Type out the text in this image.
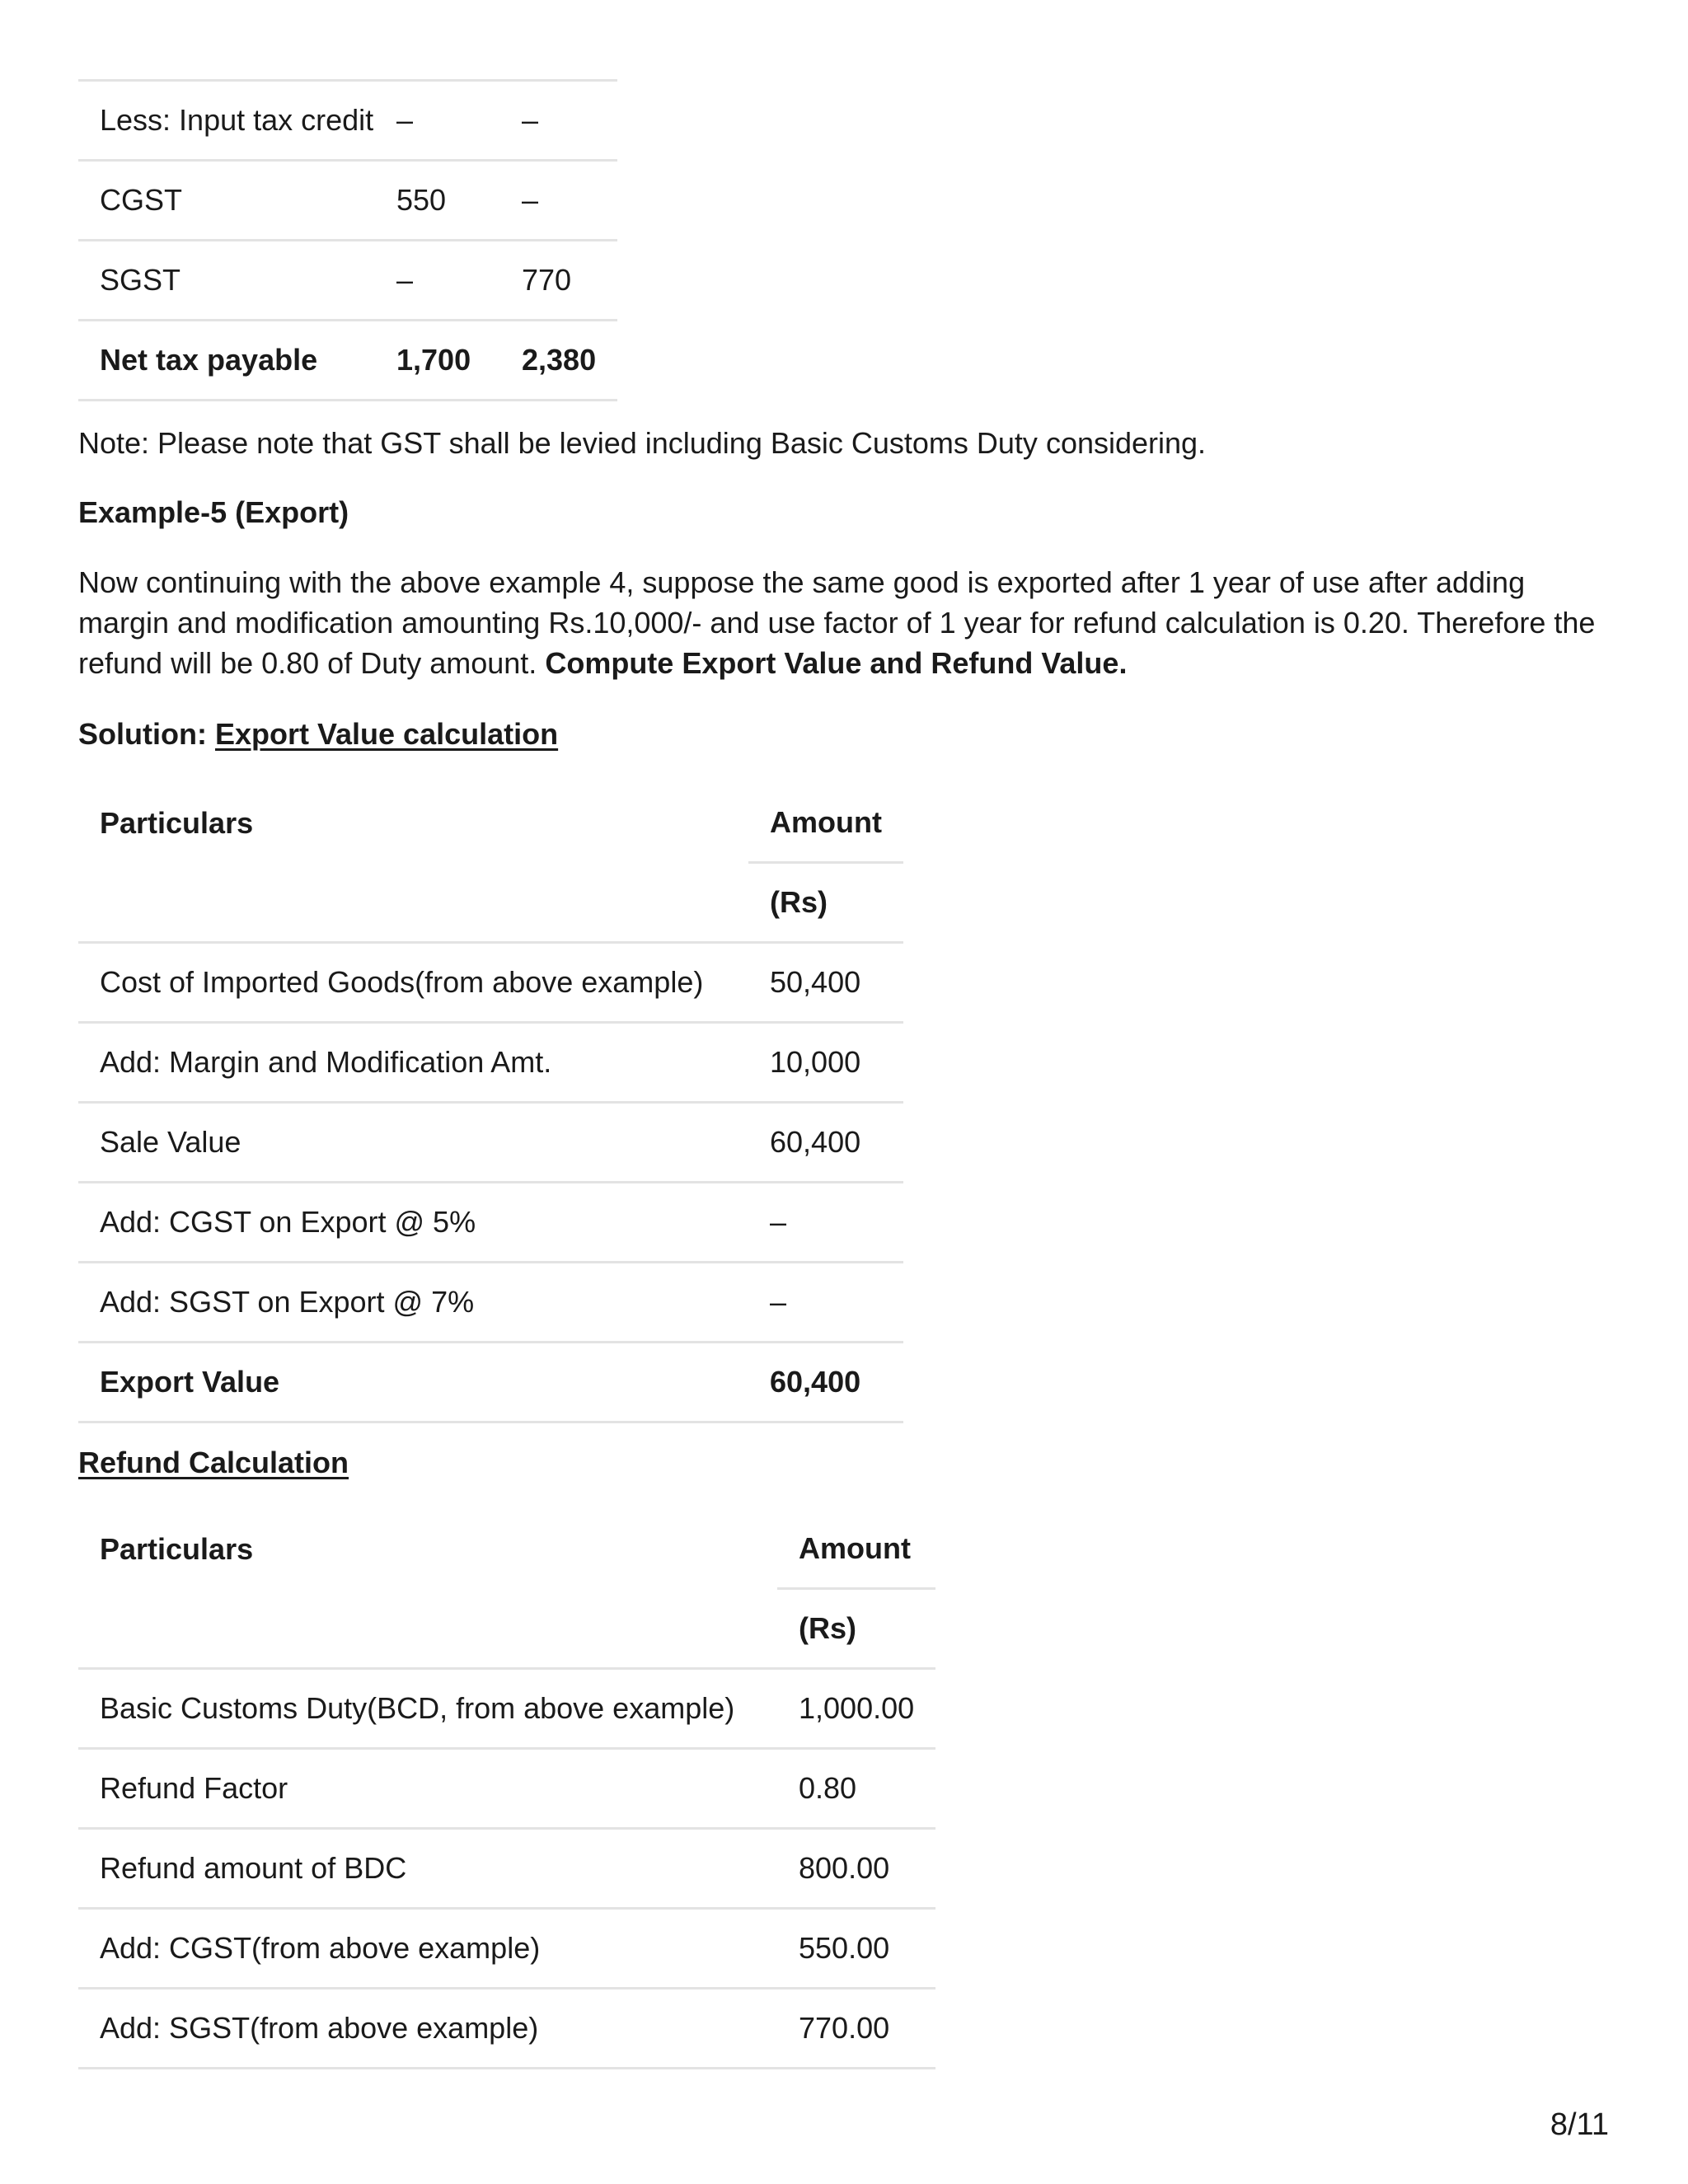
Less: Input tax credit	–	–
CGST	550	–
SGST	–	770
Net tax payable	1,700	2,380

Note: Please note that GST shall be levied including Basic Customs Duty considering.

Example-5 (Export)

Now continuing with the above example 4, suppose the same good is exported after 1 year of use after adding margin and modification amounting Rs.10,000/- and use factor of 1 year for refund calculation is 0.20. Therefore the refund will be 0.80 of Duty amount. Compute Export Value and Refund Value.

Solution: Export Value calculation

Particulars	Amount
	(Rs)
Cost of Imported Goods(from above example)	50,400
Add: Margin and Modification Amt.	10,000
Sale Value	60,400
Add: CGST on Export @ 5%	–
Add: SGST on Export @ 7%	–
Export Value	60,400

Refund Calculation

Particulars	Amount
	(Rs)
Basic Customs Duty(BCD, from above example)	1,000.00
Refund Factor	0.80
Refund amount of BDC	800.00
Add: CGST(from above example)	550.00
Add: SGST(from above example)	770.00
8/11
